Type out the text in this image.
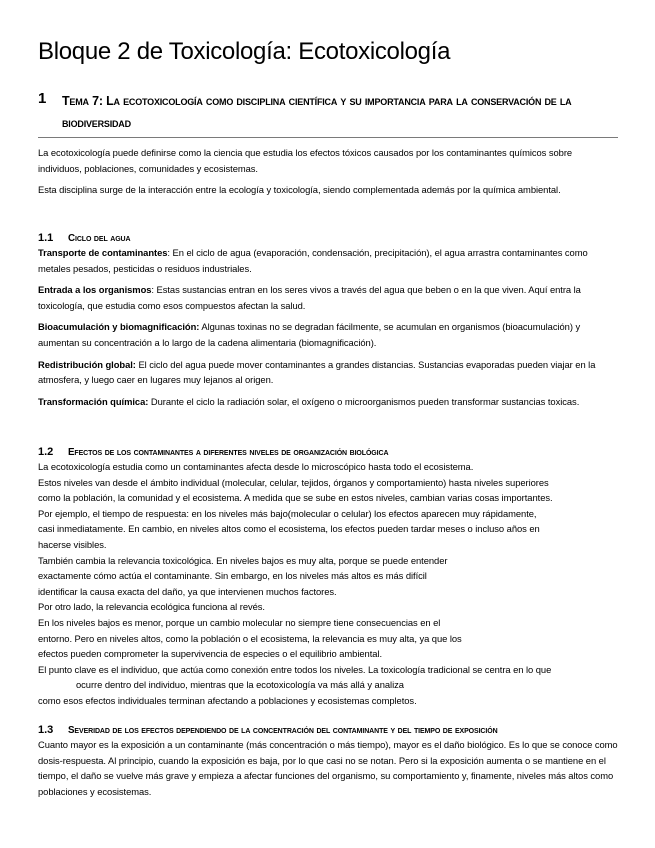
Bloque 2 de Toxicología: Ecotoxicología
1 Tema 7: La ecotoxicología como disciplina científica y su importancia para la conservación de la biodiversidad

La ecotoxicología puede definirse como la ciencia que estudia los efectos tóxicos causados por los contaminantes químicos sobre individuos, poblaciones, comunidades y ecosistemas.

Esta disciplina surge de la interacción entre la ecología y toxicología, siendo complementada además por la química ambiental.

1.1 Ciclo del agua

Transporte de contaminantes: En el ciclo de agua (evaporación, condensación, precipitación), el agua arrastra contaminantes como metales pesados, pesticidas o residuos industriales.

Entrada a los organismos: Estas sustancias entran en los seres vivos a través del agua que beben o en la que viven. Aquí entra la toxicología, que estudia como esos compuestos afectan la salud.

Bioacumulación y biomagnificación: Algunas toxinas no se degradan fácilmente, se acumulan en organismos (bioacumulación) y aumentan su concentración a lo largo de la cadena alimentaria (biomagnificación).

Redistribución global: El ciclo del agua puede mover contaminantes a grandes distancias. Sustancias evaporadas pueden viajar en la atmosfera, y luego caer en lugares muy lejanos al origen.

Transformación química: Durante el ciclo la radiación solar, el oxígeno o microorganismos pueden transformar sustancias toxicas.

1.2 Efectos de los contaminantes a diferentes niveles de organización biológica

La ecotoxicología estudia como un contaminantes afecta desde lo microscópico hasta todo el ecosistema.

Estos niveles van desde el ámbito individual (molecular, celular, tejidos, órganos y comportamiento) hasta niveles superiores

como la población, la comunidad y el ecosistema. A medida que se sube en estos niveles, cambian varias cosas importantes.

Por ejemplo, el tiempo de respuesta: en los niveles más bajo(molecular o celular) los efectos aparecen muy rápidamente,

casi inmediatamente. En cambio, en niveles altos como el ecosistema, los efectos pueden tardar meses o incluso años en

hacerse visibles.

También cambia la relevancia toxicológica. En niveles bajos es muy alta, porque se puede entender

exactamente cómo actúa el contaminante. Sin embargo, en los niveles más altos es más difícil

identificar la causa exacta del daño, ya que intervienen muchos factores.

Por otro lado, la relevancia ecológica funciona al revés.

En los niveles bajos es menor, porque un cambio molecular no siempre tiene consecuencias en el

entorno. Pero en niveles altos, como la población o el ecosistema, la relevancia es muy alta, ya que los

efectos pueden comprometer la supervivencia de especies o el equilibrio ambiental.

El punto clave es el individuo, que actúa como conexión entre todos los niveles. La toxicología tradicional se centra en lo que

ocurre dentro del individuo, mientras que la ecotoxicología va más allá y analiza

como esos efectos individuales terminan afectando a poblaciones y ecosistemas completos.

1.3 Severidad de los efectos dependiendo de la concentración del contaminante y del tiempo de exposición

Cuanto mayor es la exposición a un contaminante (más concentración o más tiempo), mayor es el daño biológico. Es lo que se conoce como dosis-respuesta. Al principio, cuando la exposición es baja, por lo que casi no se notan. Pero si la exposición aumenta o se mantiene en el tiempo, el daño se vuelve más grave y empieza a afectar funciones del organismo, su comportamiento y, finamente, niveles más altos como poblaciones y ecosistemas.
